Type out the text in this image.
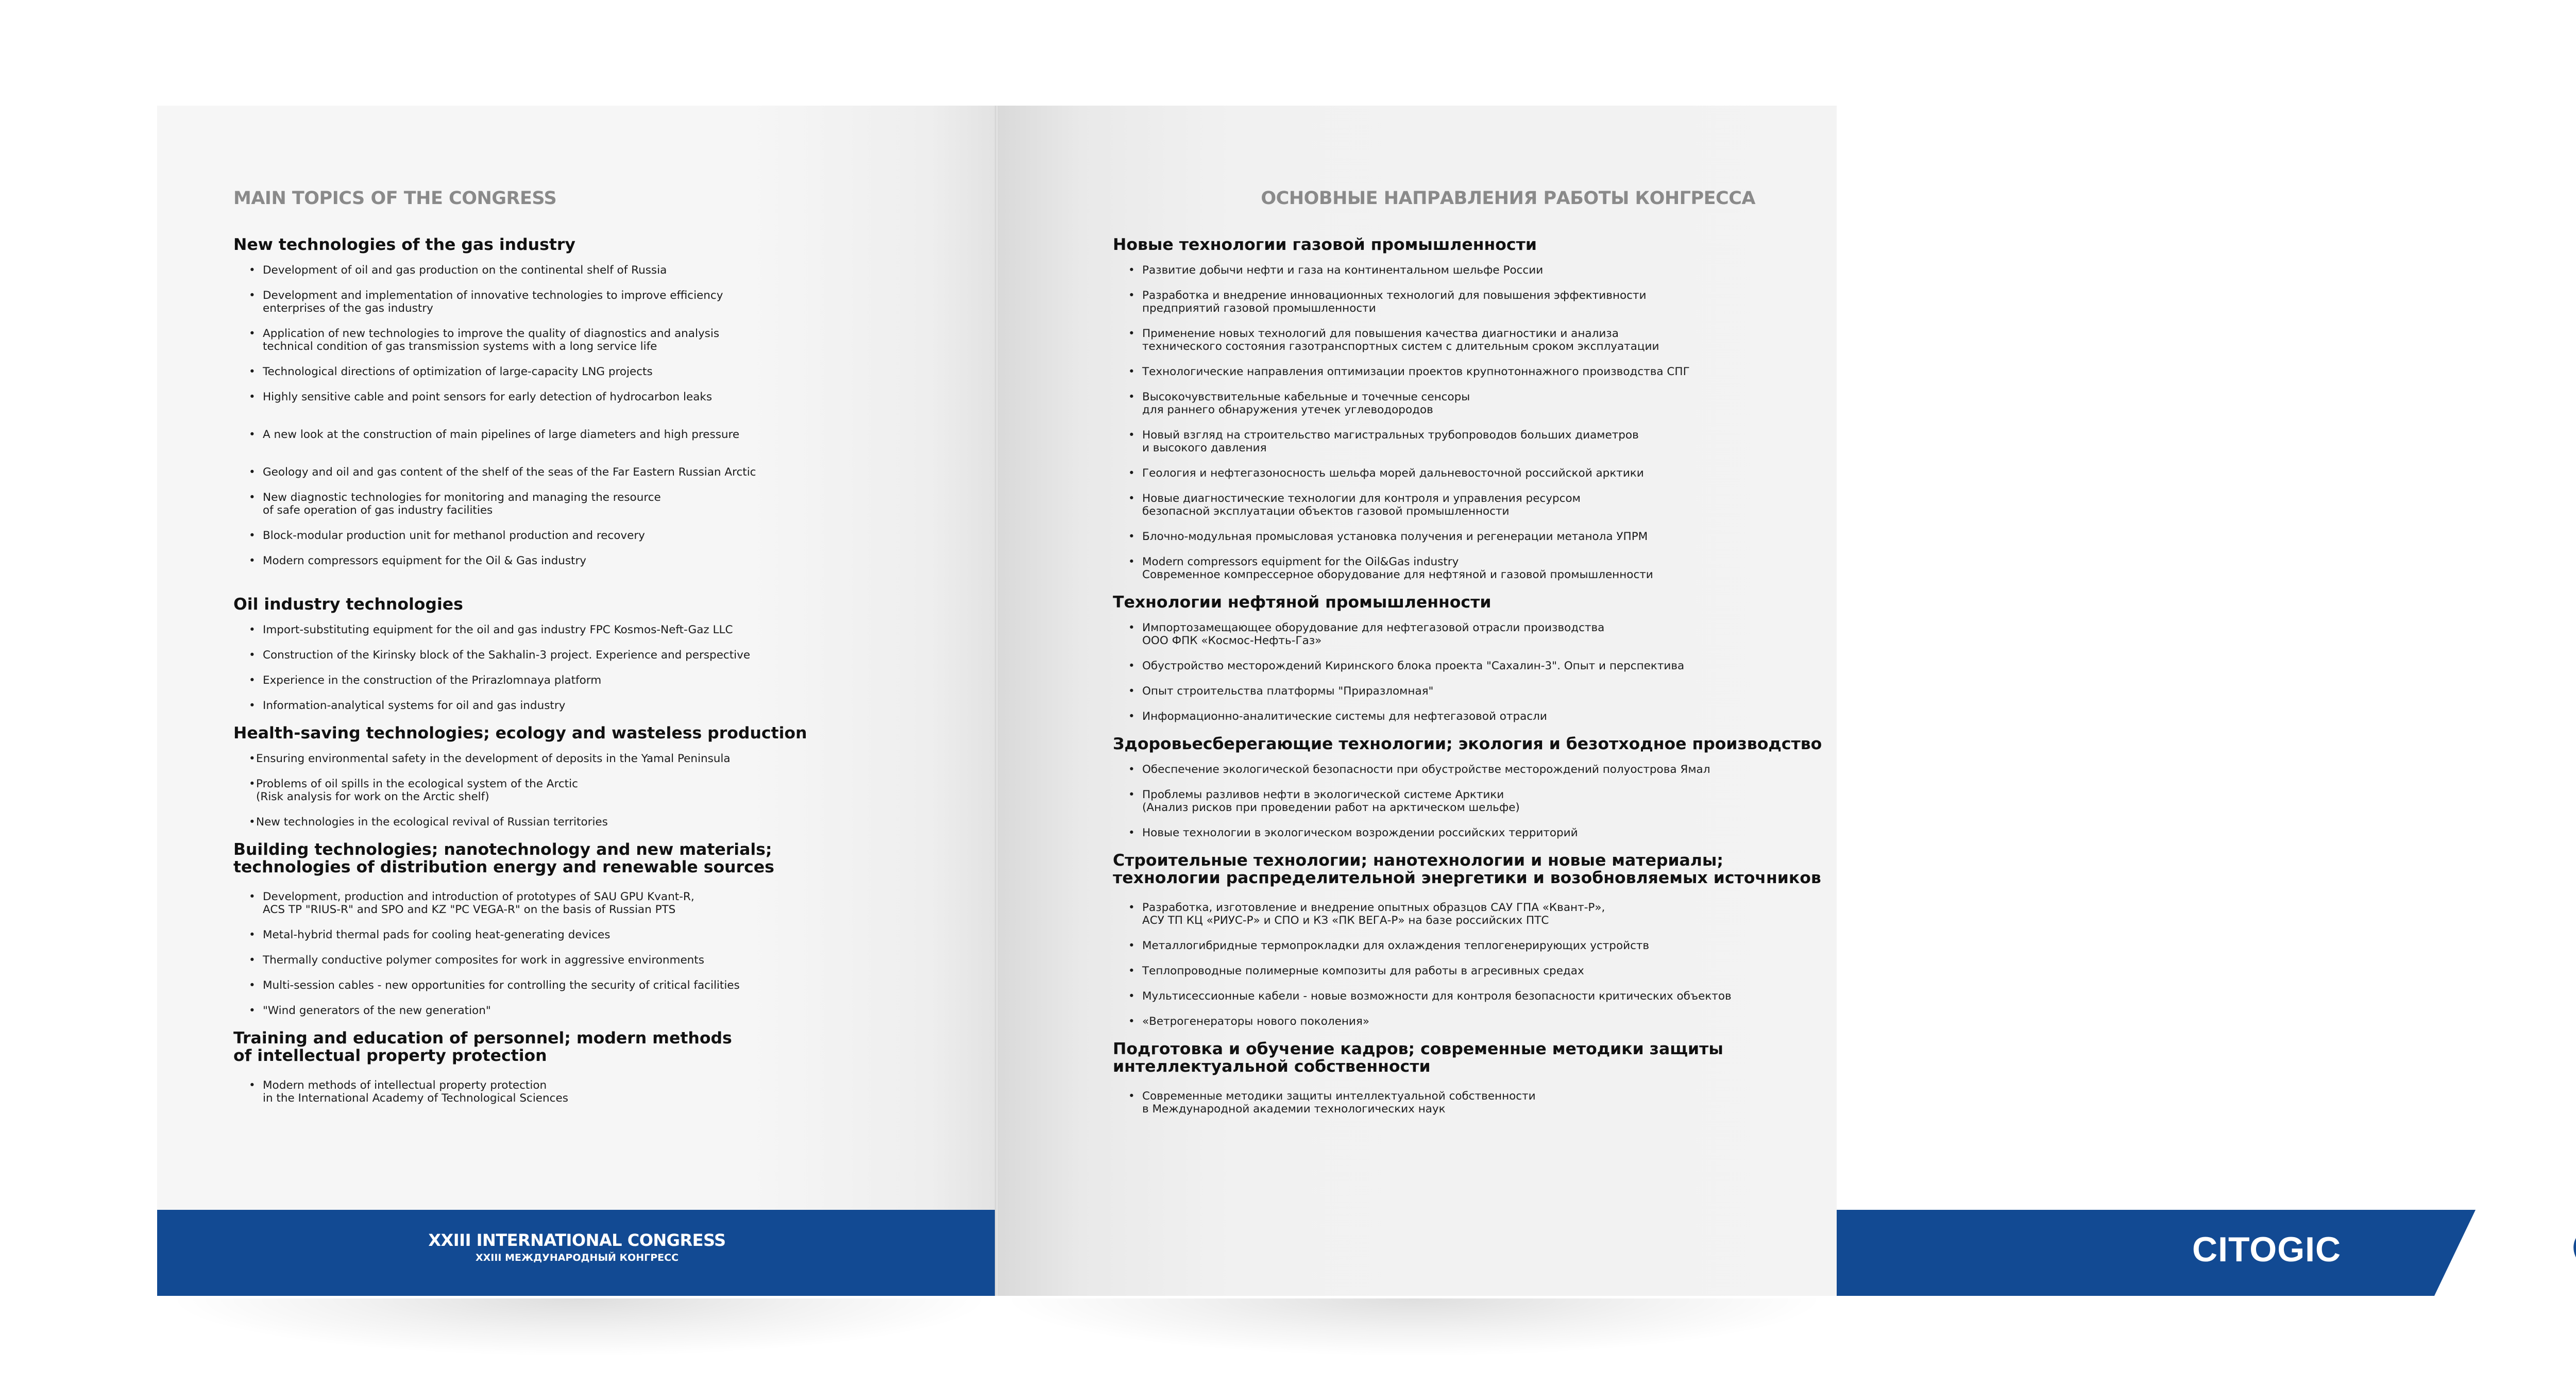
MAIN TOPICS OF THE CONGRESS
New technologies of the gas industry
• Development of oil and gas production on the continental shelf of Russia
• Development and implementation of innovative technologies to improve efficiency
enterprises of the gas industry
• Application of new technologies to improve the quality of diagnostics and analysis
technical condition of gas transmission systems with a long service life
• Technological directions of optimization of large-capacity LNG projects
• Highly sensitive cable and point sensors for early detection of hydrocarbon leaks
• A new look at the construction of main pipelines of large diameters and high pressure
• Geology and oil and gas content of the shelf of the seas of the Far Eastern Russian Arctic
• New diagnostic technologies for monitoring and managing the resource
of safe operation of gas industry facilities
• Block-modular production unit for methanol production and recovery
• Modern compressors equipment for the Oil & Gas industry
Oil industry technologies
• Import-substituting equipment for the oil and gas industry FPC Kosmos-Neft-Gaz LLC
• Construction of the Kirinsky block of the Sakhalin-3 project. Experience and perspective
• Experience in the construction of the Prirazlomnaya platform
• Information-analytical systems for oil and gas industry
Health-saving technologies; ecology and wasteless production
• Ensuring environmental safety in the development of deposits in the Yamal Peninsula
• Problems of oil spills in the ecological system of the Arctic
(Risk analysis for work on the Arctic shelf)
• New technologies in the ecological revival of Russian territories
Building technologies; nanotechnology and new materials;
technologies of distribution energy and renewable sources
• Development, production and introduction of prototypes of SAU GPU Kvant-R,
ACS TP "RIUS-R" and SPO and KZ "PC VEGA-R" on the basis of Russian PTS
• Metal-hybrid thermal pads for cooling heat-generating devices
• Thermally conductive polymer composites for work in aggressive environments
• Multi-session cables - new opportunities for controlling the security of critical facilities
• "Wind generators of the new generation"
Training and education of personnel; modern methods
of intellectual property protection
• Modern methods of intellectual property protection
in the International Academy of Technological Sciences

XXIII INTERNATIONAL CONGRESS

XXIII МЕЖДУНАРОДНЫЙ КОНГРЕСС

ОСНОВНЫЕ НАПРАВЛЕНИЯ РАБОТЫ КОНГРЕССА
Новые технологии газовой промышленности
• Развитие добычи нефти и газа на континентальном шельфе России
• Разработка и внедрение инновационных технологий для повышения эффективности
предприятий газовой промышленности
• Применение новых технологий для повышения качества диагностики и анализа
технического состояния газотранспортных систем с длительным сроком эксплуатации
• Технологические направления оптимизации проектов крупнотоннажного производства СПГ
• Высокочувствительные кабельные и точечные сенсоры
для раннего обнаружения утечек углеводородов
• Новый взгляд на строительство магистральных трубопроводов больших диаметров
и высокого давления
• Геология и нефтегазоносность шельфа морей дальневосточной российской арктики
• Новые диагностические технологии для контроля и управления ресурсом
безопасной эксплуатации объектов газовой промышленности
• Блочно-модульная промысловая установка получения и регенерации метанола УПРМ
• Modern compressors equipment for the Oil&Gas industry
Современное компрессерное оборудование для нефтяной и газовой промышленности
Технологии нефтяной промышленности
• Импортозамещающее оборудование для нефтегазовой отрасли производства
ООО ФПК «Космос-Нефть-Газ»
• Обустройство месторождений Киринского блока проекта "Сахалин-3". Опыт и перспектива
• Опыт строительства платформы "Приразломная"
• Информационно-аналитические системы для нефтегазовой отрасли
Здоровьесберегающие технологии; экология и безотходное производство
• Обеспечение экологической безопасности при обустройстве месторождений полуострова Ямал
• Проблемы разливов нефти в экологической системе Арктики
(Анализ рисков при проведении работ на арктическом шельфе)
• Новые технологии в экологическом возрождении российских территорий
Строительные технологии; нанотехнологии и новые материалы;
технологии распределительной энергетики и возобновляемых источников
• Разработка, изготовление и внедрение опытных образцов САУ ГПА «Квант-Р»,
АСУ ТП КЦ «РИУС-Р» и СПО и КЗ «ПК ВЕГА-Р» на базе российских ПТС
• Металлогибридные термопрокладки для охлаждения теплогенерирующих устройств
• Теплопроводные полимерные композиты для работы в агресивных средах
• Мультисессионные кабели - новые возможности для контроля безопасности критических объектов
• «Ветрогенераторы нового поколения»
Подготовка и обучение кадров; современные методики защиты
интеллектуальной собственности
• Современные методики защиты интеллектуальной собственности
в Международной академии технологических наук

CITOGIC
